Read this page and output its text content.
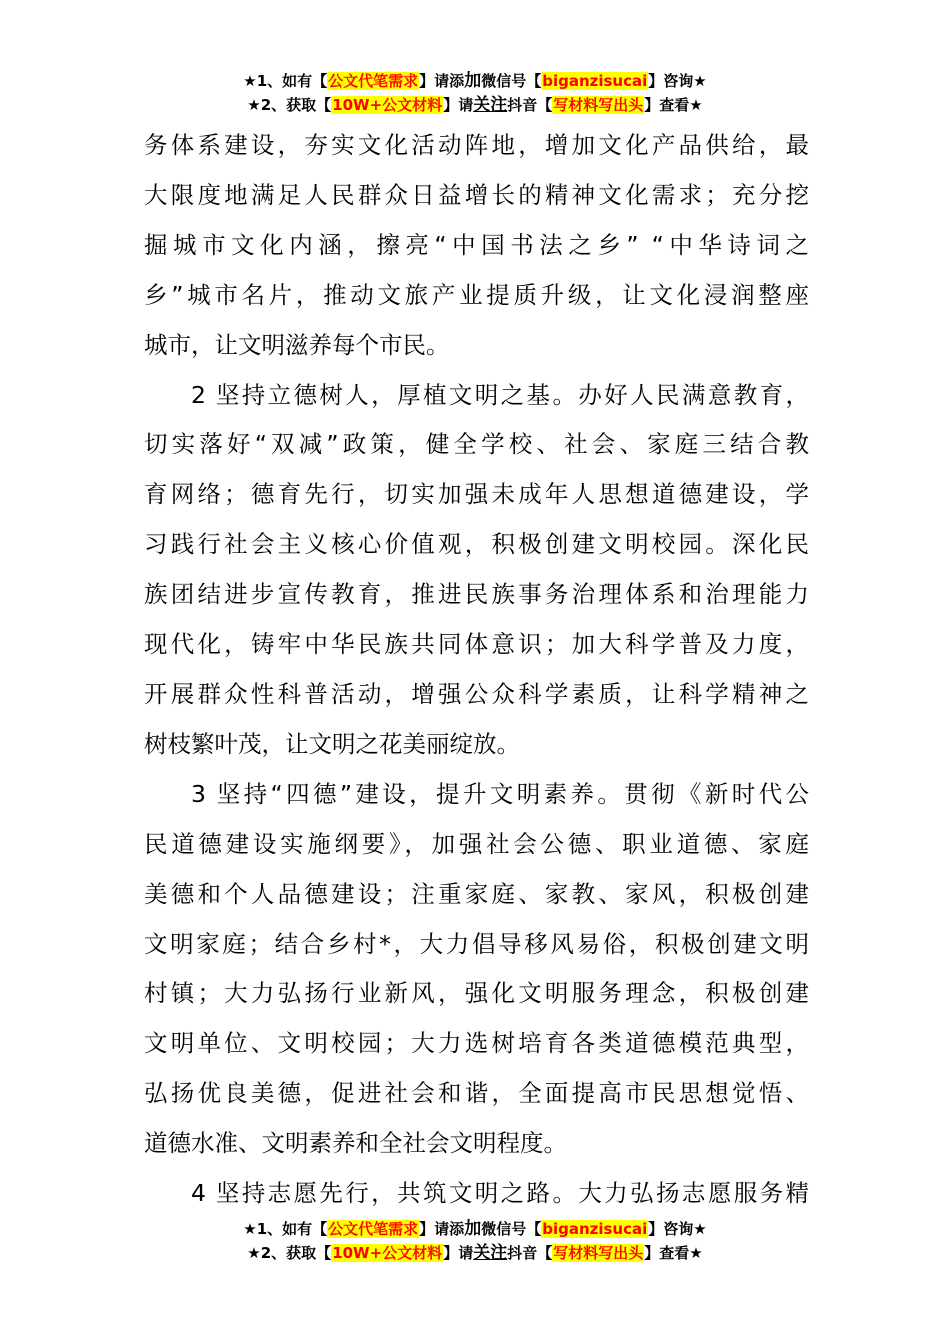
★1、如有【公文代笔需求】请添加微信号【biganzisucai】咨询★
★2、获取【10W+公文材料】请关注抖音【写材料写出头】查看★

务体系建设，夯实文化活动阵地，增加文化产品供给，最
大限度地满足人民群众日益增长的精神文化需求；充分挖
掘城市文化内涵，擦亮“中国书法之乡” “中华诗词之
乡”城市名片，推动文旅产业提质升级，让文化浸润整座
城市，让文明滋养每个市民。

2 坚持立德树人，厚植文明之基。办好人民满意教育，
切实落好“双减”政策，健全学校、社会、家庭三结合教
育网络；德育先行，切实加强未成年人思想道德建设，学
习践行社会主义核心价值观，积极创建文明校园。深化民
族团结进步宣传教育，推进民族事务治理体系和治理能力
现代化，铸牢中华民族共同体意识；加大科学普及力度，
开展群众性科普活动，增强公众科学素质，让科学精神之
树枝繁叶茂，让文明之花美丽绽放。

3 坚持“四德”建设，提升文明素养。贯彻《新时代公
民道德建设实施纲要》，加强社会公德、职业道德、家庭
美德和个人品德建设；注重家庭、家教、家风，积极创建
文明家庭；结合乡村*，大力倡导移风易俗，积极创建文明
村镇；大力弘扬行业新风，强化文明服务理念，积极创建
文明单位、文明校园；大力选树培育各类道德模范典型，
弘扬优良美德，促进社会和谐，全面提高市民思想觉悟、
道德水准、文明素养和全社会文明程度。

4 坚持志愿先行，共筑文明之路。大力弘扬志愿服务精

★1、如有【公文代笔需求】请添加微信号【biganzisucai】咨询★
★2、获取【10W+公文材料】请关注抖音【写材料写出头】查看★
